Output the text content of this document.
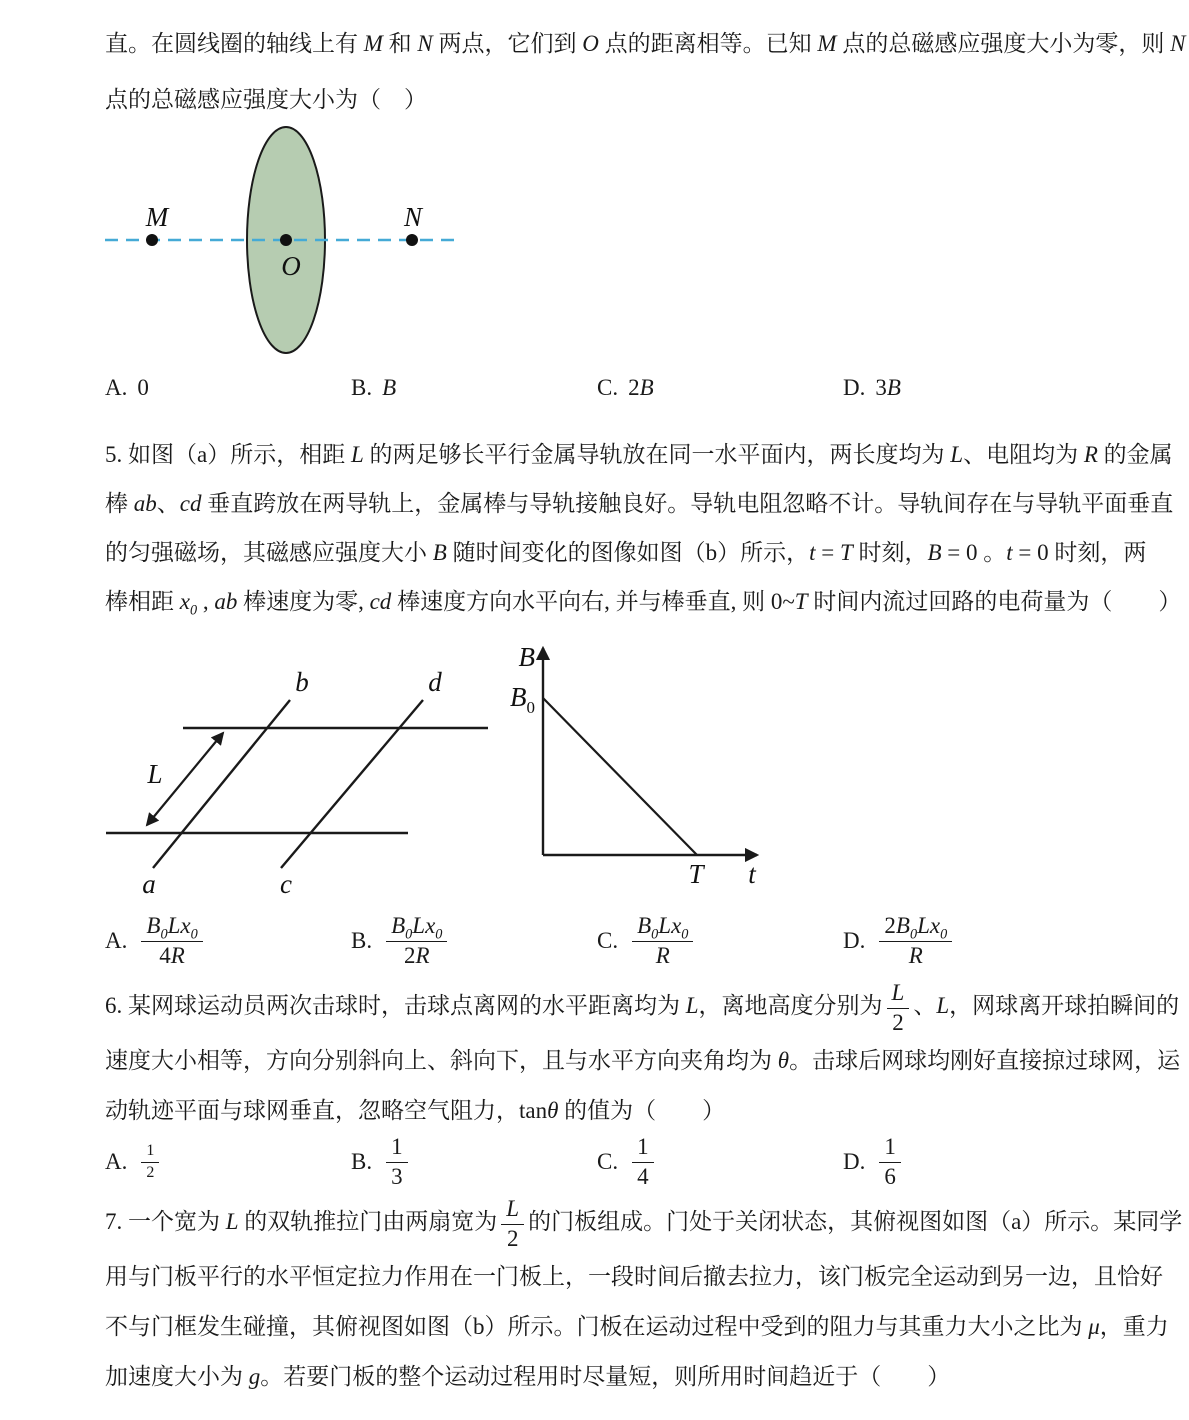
直。在圆线圈的轴线上有 M 和 N 两点，它们到 O 点的距离相等。已知 M 点的总磁感应强度大小为零，则 N
点的总磁感应强度大小为（　）
M
O
N
A. 0	B. B	C. 2B	D. 3B
5. 如图（a）所示，相距 L 的两足够长平行金属导轨放在同一水平面内，两长度均为 L、电阻均为 R 的金属
棒 ab、cd 垂直跨放在两导轨上，金属棒与导轨接触良好。导轨电阻忽略不计。导轨间存在与导轨平面垂直
的匀强磁场，其磁感应强度大小 B 随时间变化的图像如图（b）所示，t = T 时刻，B = 0 。t = 0 时刻，两
棒相距 $x_0$ , ab 棒速度为零, cd 棒速度方向水平向右, 并与棒垂直, 则 0~T 时间内流过回路的电荷量为（　　）
L
a
b
c
d
B
$B_0$
T t
A. $\frac{B_0Lx_0}{4R}$	B. $\frac{B_0Lx_0}{2R}$	C. $\frac{B_0Lx_0}{R}$	D. $\frac{2B_0Lx_0}{R}$
6. 某网球运动员两次击球时，击球点离网的水平距离均为 L，离地高度分别为 $\frac{L}{2}$ 、L，网球离开球拍瞬间的
速度大小相等，方向分别斜向上、斜向下，且与水平方向夹角均为 θ。击球后网球均刚好直接掠过球网，运
动轨迹平面与球网垂直，忽略空气阻力，tanθ 的值为（　　）
A. $\frac{1}{2}$	B. $\frac{1}{3}$	C. $\frac{1}{4}$	D. $\frac{1}{6}$
7. 一个宽为 L 的双轨推拉门由两扇宽为 $\frac{L}{2}$ 的门板组成。门处于关闭状态，其俯视图如图（a）所示。某同学
用与门板平行的水平恒定拉力作用在一门板上，一段时间后撤去拉力，该门板完全运动到另一边，且恰好
不与门框发生碰撞，其俯视图如图（b）所示。门板在运动过程中受到的阻力与其重力大小之比为 μ，重力
加速度大小为 g。若要门板的整个运动过程用时尽量短，则所用时间趋近于（　　）
